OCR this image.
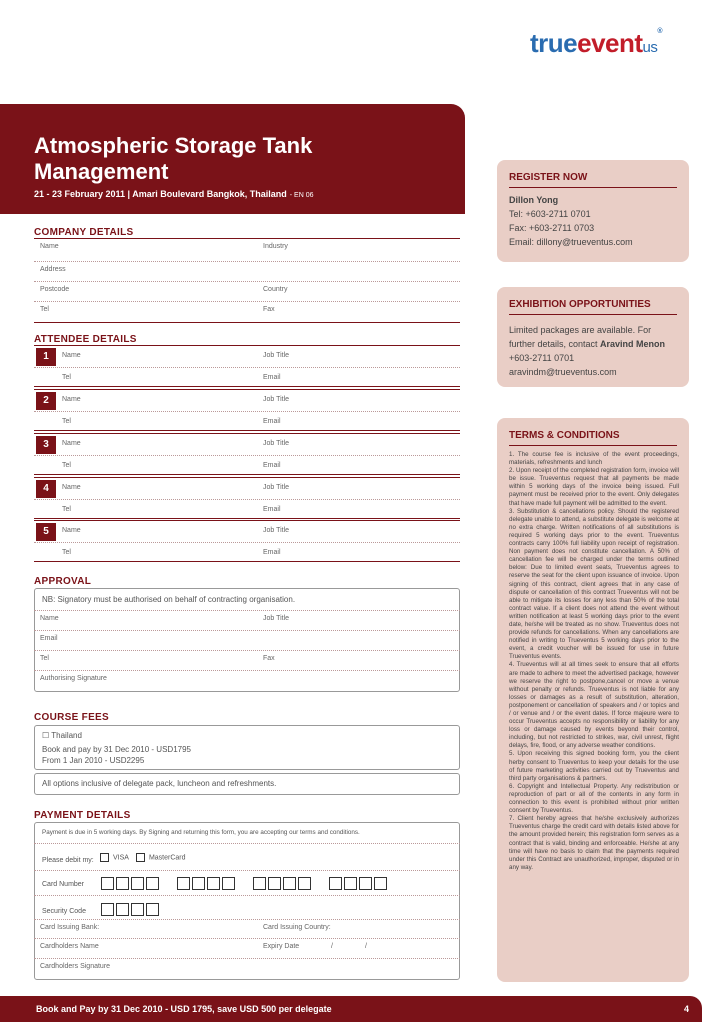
trueeventus®
Atmospheric Storage Tank
Management
21 - 23 February 2011 | Amari Boulevard Bangkok, Thailand - EN 06
COMPANY DETAILS
Name	Industry
Address
Postcode	Country
Tel	Fax
ATTENDEE DETAILS
1	Name	Job Title
Tel	Email
2	Name	Job Title
Tel	Email
3	Name	Job Title
Tel	Email
4	Name	Job Title
Tel	Email
5	Name	Job Title
Tel	Email
APPROVAL
NB: Signatory must be authorised on behalf of contracting organisation.
Name	Job Title
Email
Tel	Fax
Authorising Signature
COURSE FEES
☐ Thailand
Book and pay by 31 Dec 2010 - USD1795
From 1 Jan 2010 - USD2295
All options inclusive of delegate pack, luncheon and refreshments.
PAYMENT DETAILS
Payment is due in 5 working days. By Signing and returning this form, you are accepting our terms and conditions.
Please debit my:	VISA	MasterCard
Card Number
Security Code
Card Issuing Bank:	Card Issuing Country:
Cardholders Name	Expiry Date	/	/
Cardholders Signature
REGISTER NOW
Dillon Yong
Tel: +603-2711 0701
Fax: +603-2711 0703
Email: dillony@trueventus.com
EXHIBITION OPPORTUNITIES
Limited packages are available. For
further details, contact Aravind Menon
+603-2711 0701
aravindm@trueventus.com
TERMS & CONDITIONS
1. The course fee is inclusive of the event proceedings, materials, refreshments and lunch
2. Upon receipt of the completed registration form, invoice will be issue. Trueventus request that all payments be made within 5 working days of the invoice being issued. Full payment must be received prior to the event. Only delegates that have made full payment will be admitted to the event.
3. Substitution & cancellations policy. Should the registered delegate unable to attend, a substitute delegate is welcome at no extra charge. Written notifications of all substitutions is required 5 working days prior to the event. Trueventus contracts carry 100% full liability upon receipt of registration. Non payment does not constitute cancellation. A 50% of cancellation fee will be charged under the terms outlined below: Due to limited event seats, Trueventus agrees to reserve the seat for the client upon issuance of invoice. Upon signing of this contract, client agrees that in any case of dispute or cancellation of this contract Trueventus will not be able to mitigate its losses for any less than 50% of the total contract value. If a client does not attend the event without written notification at least 5 working days prior to the event date, he/she will be treated as no show. Trueventus does not provide refunds for cancellations. When any cancellations are notified in writing to Trueventus 5 working days prior to the event, a credit voucher will be issued for use in future Trueventus events.
4. Trueventus will at all times seek to ensure that all efforts are made to adhere to meet the advertised package, however we reserve the right to postpone,cancel or move a venue without penalty or refunds. Trueventus is not liable for any losses or damages as a result of substitution, alteration, postponement or cancellation of speakers and / or topics and / or venue and / or the event dates. If force majeure were to occur Trueventus accepts no responsibility or liability for any loss or damage caused by events beyond their control, including, but not restricted to strikes, war, civil unrest, flight delays, fire, flood, or any adverse weather conditions.
5. Upon receiving this signed booking form, you the client herby consent to Trueventus to keep your details for the use of future marketing activities carried out by Trueventus and third party organisations & partners.
6. Copyright and Intellectual Property. Any redistribution or reproduction of part or all of the contents in any form in connection to this event is prohibited without prior written consent by Trueventus.
7. Client hereby agrees that he/she exclusively authorizes Trueventus charge the credit card with details listed above for the amount provided herein; this registration form serves as a contract that is valid, binding and enforceable. He/she at any time will have no basis to claim that the payments required under this Contract are unauthorized, improper, disputed or in any way.
Book and Pay by 31 Dec 2010 - USD 1795, save USD 500 per delegate	4
